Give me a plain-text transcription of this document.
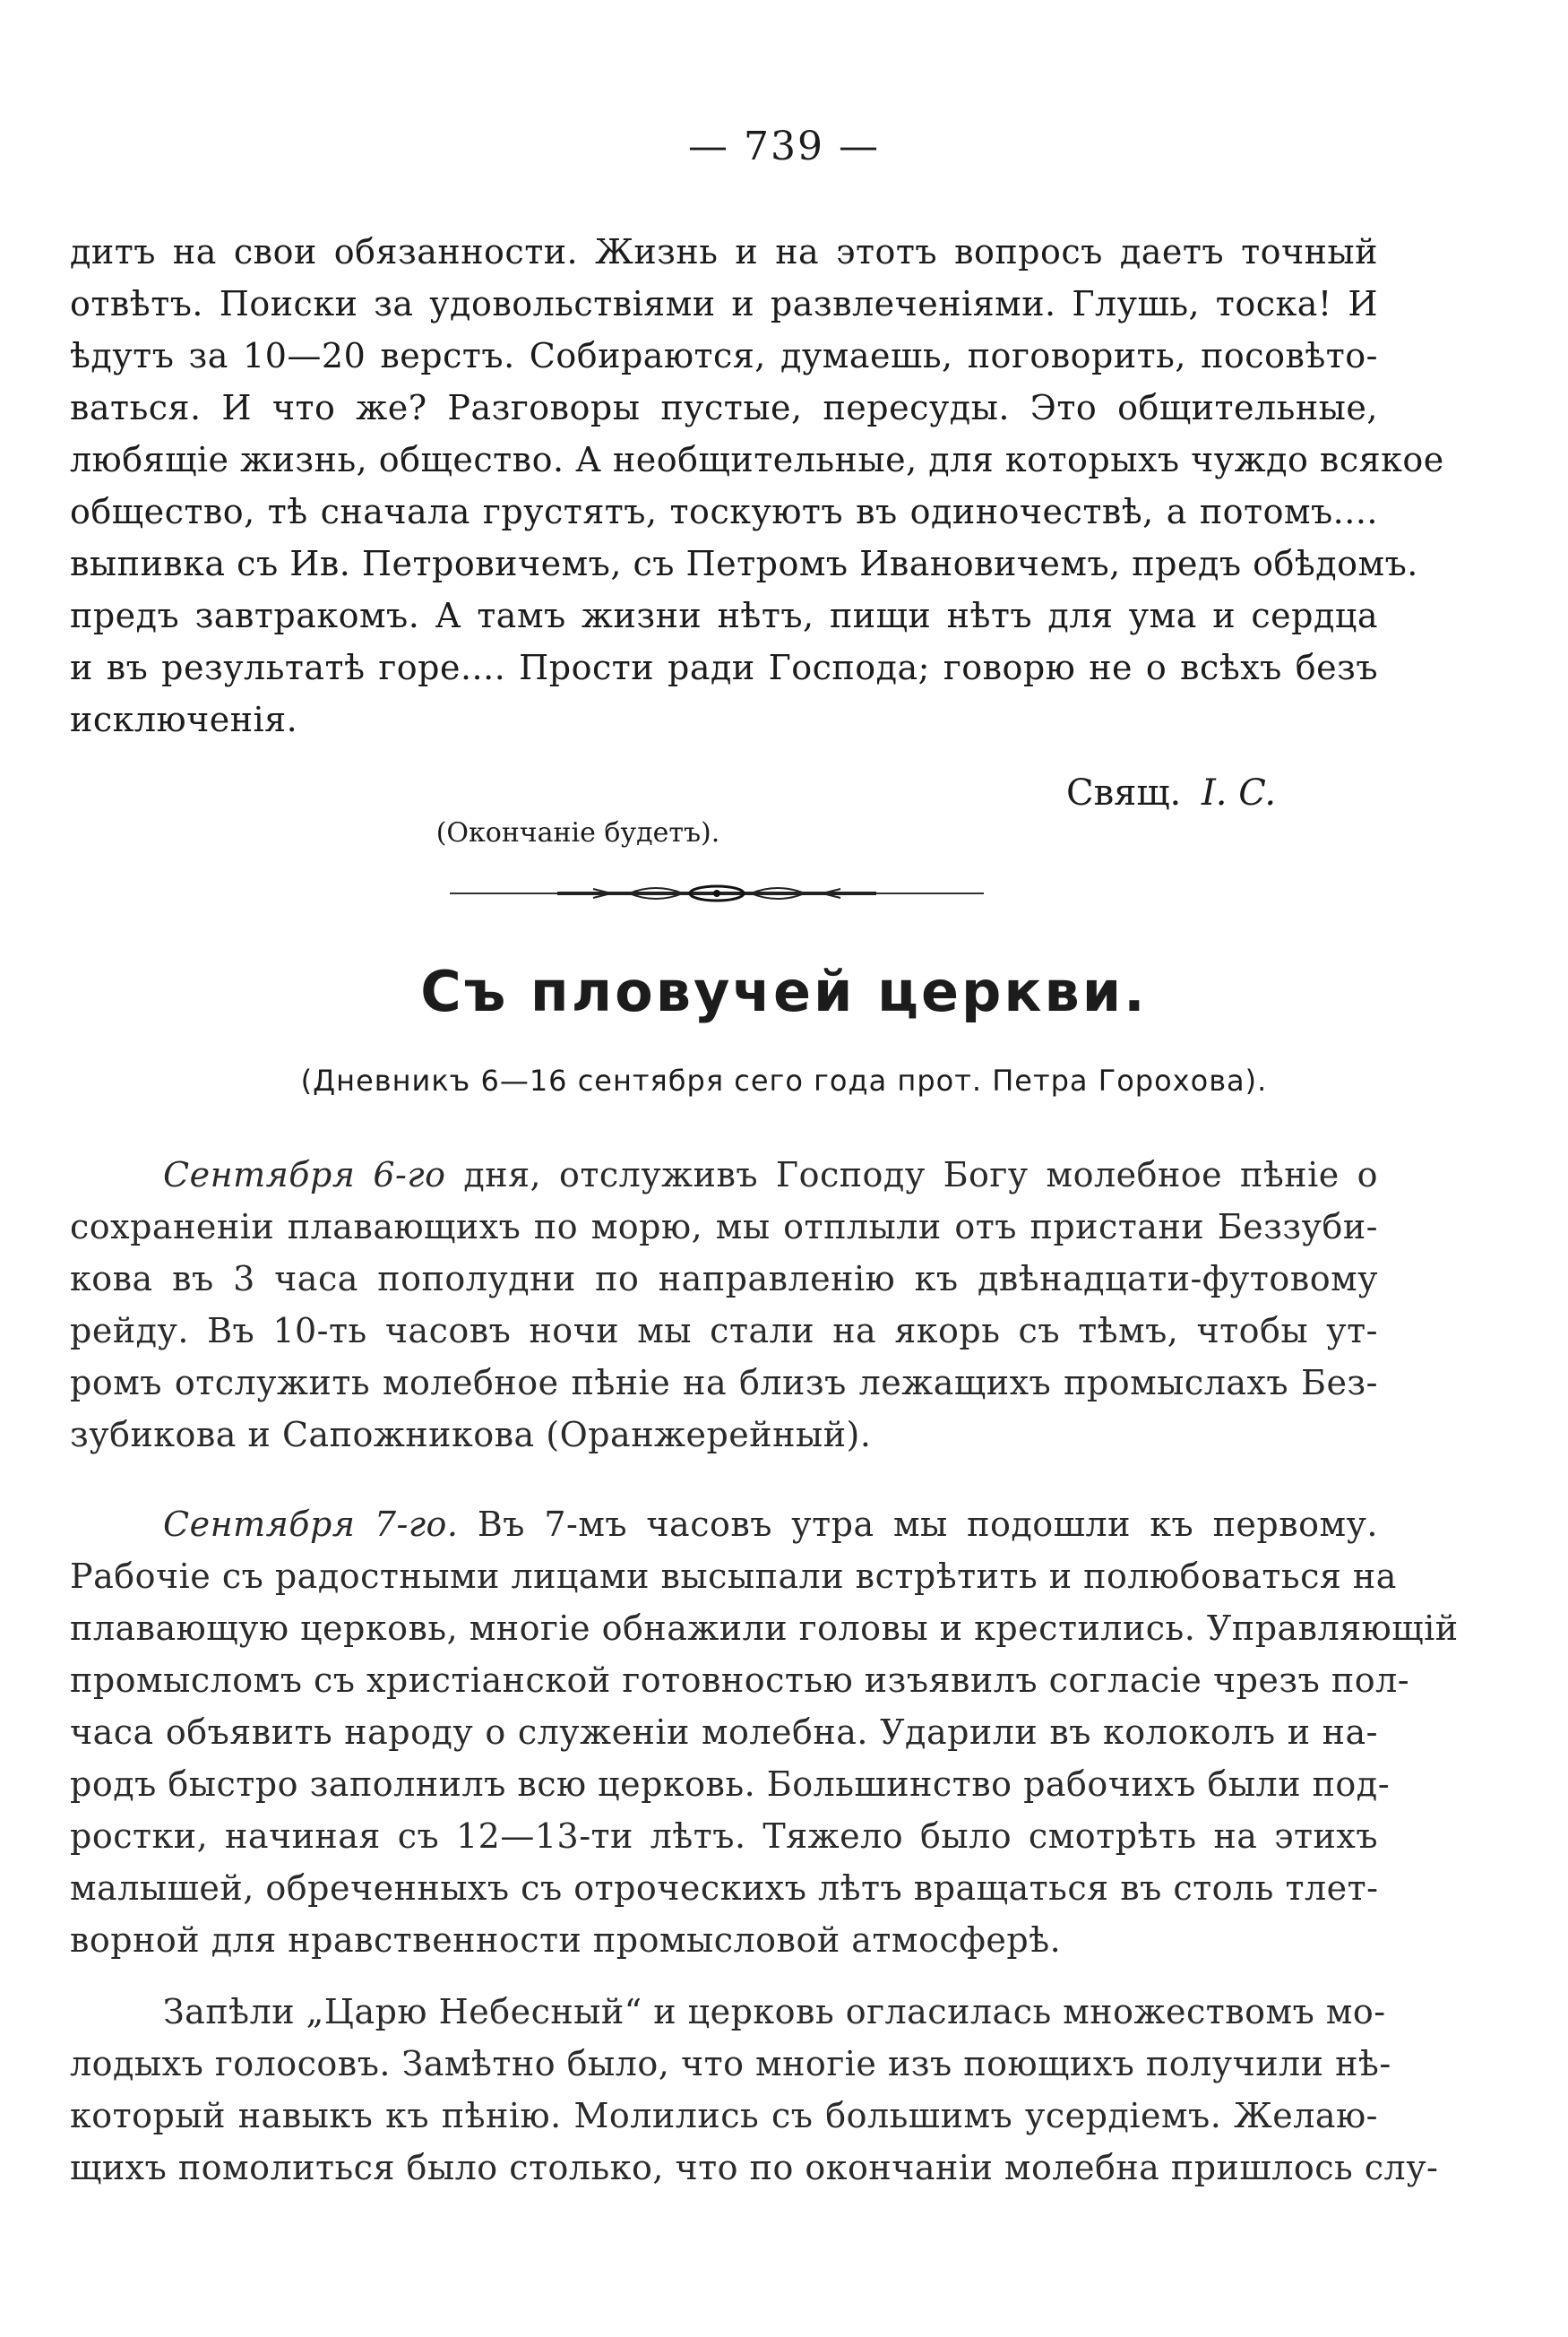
— 739 —
дитъ на свои обязанности. Жизнь и на этотъ вопросъ даетъ точный
отвѣтъ. Поиски за удовольствіями и развлеченіями. Глушь, тоска! И
ѣдутъ за 10—20 верстъ. Собираются, думаешь, поговорить, посовѣто-
ваться. И что же? Разговоры пустые, пересуды. Это общительные,
любящіе жизнь, общество. А необщительные, для которыхъ чуждо всякое
общество, тѣ сначала грустятъ, тоскуютъ въ одиночествѣ, а потомъ....
выпивка съ Ив. Петровичемъ, съ Петромъ Ивановичемъ, предъ обѣдомъ.
предъ завтракомъ. А тамъ жизни нѣтъ, пищи нѣтъ для ума и сердца
и въ результатѣ горе.... Прости ради Господа; говорю не о всѣхъ безъ
исключенія.
Свящ. I. C.
(Окончаніе будетъ).
Съ пловучей церкви.
(Дневникъ 6—16 сентября сего года прот. Петра Горохова).
Сентября 6-го дня, отслуживъ Господу Богу молебное пѣніе о
сохраненіи плавающихъ по морю, мы отплыли отъ пристани Беззуби-
кова въ 3 часа пополудни по направленію къ двѣнадцати-футовому
рейду. Въ 10-ть часовъ ночи мы стали на якорь съ тѣмъ, чтобы ут-
ромъ отслужить молебное пѣніе на близъ лежащихъ промыслахъ Без-
зубикова и Сапожникова (Оранжерейный).
Сентября 7-го. Въ 7-мъ часовъ утра мы подошли къ первому.
Рабочіе съ радостными лицами высыпали встрѣтить и полюбоваться на
плавающую церковь, многіе обнажили головы и крестились. Управляющій
промысломъ съ христіанской готовностью изъявилъ согласіе чрезъ пол-
часа объявить народу о служеніи молебна. Ударили въ колоколъ и на-
родъ быстро заполнилъ всю церковь. Большинство рабочихъ были под-
ростки, начиная съ 12—13-ти лѣтъ. Тяжело было смотрѣть на этихъ
малышей, обреченныхъ съ отроческихъ лѣтъ вращаться въ столь тлет-
ворной для нравственности промысловой атмосферѣ.
Запѣли „Царю Небесный“ и церковь огласилась множествомъ мо-
лодыхъ голосовъ. Замѣтно было, что многіе изъ поющихъ получили нѣ-
который навыкъ къ пѣнію. Молились съ большимъ усердіемъ. Желаю-
щихъ помолиться было столько, что по окончаніи молебна пришлось слу-
